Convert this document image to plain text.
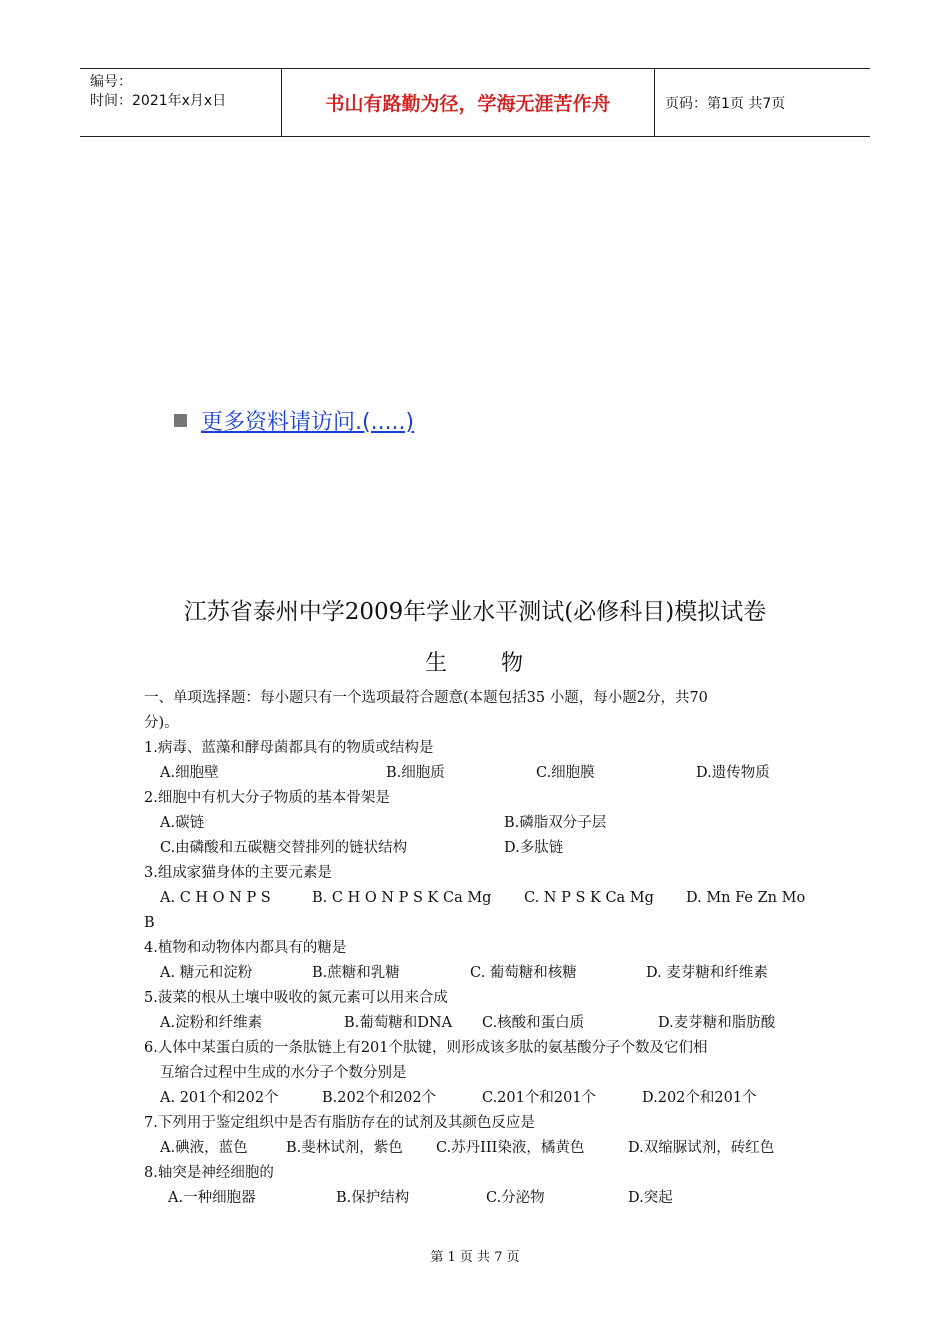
编号：
时间：2021年x月x日	书山有路勤为径，学海无涯苦作舟	页码：第1页 共7页
更多资料请访问.(.....)
江苏省泰州中学2009年学业水平测试(必修科目)模拟试卷
生 物
一、单项选择题：每小题只有一个选项最符合题意(本题包括35 小题，每小题2分，共70
分)。
1.病毒、蓝藻和酵母菌都具有的物质或结构是
A.细胞壁	B.细胞质	C.细胞膜	D.遗传物质
2.细胞中有机大分子物质的基本骨架是
A.碳链	B.磷脂双分子层
C.由磷酸和五碳糖交替排列的链状结构	D.多肽链
3.组成家猫身体的主要元素是
A. C H O N P S	B. C H O N P S K Ca Mg C. N P S K Ca Mg D. Mn Fe Zn Mo
B
4.植物和动物体内都具有的糖是
A. 糖元和淀粉	B.蔗糖和乳糖	C. 葡萄糖和核糖	D. 麦芽糖和纤维素
5.菠菜的根从土壤中吸收的氮元素可以用来合成
A.淀粉和纤维素	B.葡萄糖和DNA C.核酸和蛋白质	D.麦芽糖和脂肪酸
6.人体中某蛋白质的一条肽链上有201个肽键，则形成该多肽的氨基酸分子个数及它们相
互缩合过程中生成的水分子个数分别是
A. 201个和202个	B.202个和202个	C.201个和201个	D.202个和201个
7.下列用于鉴定组织中是否有脂肪存在的试剂及其颜色反应是
A.碘液，蓝色	B.斐林试剂，紫色 C.苏丹III染液，橘黄色	D.双缩脲试剂，砖红色
8.轴突是神经细胞的
A.一种细胞器	B.保护结构	C.分泌物	D.突起
第 1 页 共 7 页
